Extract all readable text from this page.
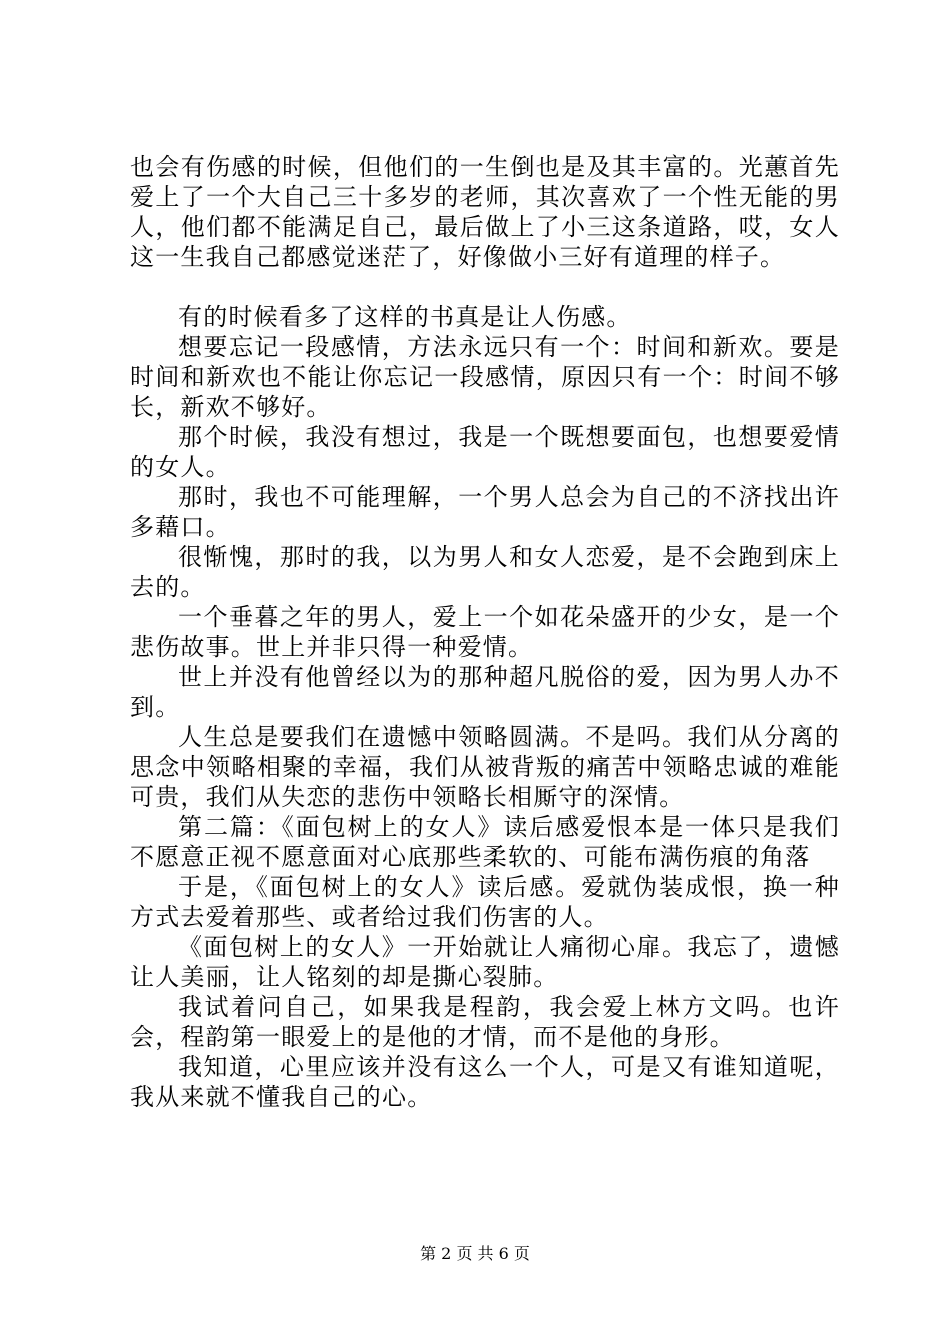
也会有伤感的时候，但他们的一生倒也是及其丰富的。光蕙首先爱上了一个大自己三十多岁的老师，其次喜欢了一个性无能的男人，他们都不能满足自己，最后做上了小三这条道路，哎，女人这一生我自己都感觉迷茫了，好像做小三好有道理的样子。

有的时候看多了这样的书真是让人伤感。

想要忘记一段感情，方法永远只有一个：时间和新欢。要是时间和新欢也不能让你忘记一段感情，原因只有一个：时间不够长，新欢不够好。

那个时候，我没有想过，我是一个既想要面包，也想要爱情的女人。

那时，我也不可能理解，一个男人总会为自己的不济找出许多藉口。

很惭愧，那时的我，以为男人和女人恋爱，是不会跑到床上去的。

一个垂暮之年的男人，爱上一个如花朵盛开的少女，是一个悲伤故事。世上并非只得一种爱情。

世上并没有他曾经以为的那种超凡脱俗的爱，因为男人办不到。

人生总是要我们在遗憾中领略圆满。不是吗。我们从分离的思念中领略相聚的幸福，我们从被背叛的痛苦中领略忠诚的难能可贵，我们从失恋的悲伤中领略长相厮守的深情。

第二篇：《面包树上的女人》读后感爱恨本是一体只是我们不愿意正视不愿意面对心底那些柔软的、可能布满伤痕的角落

于是，《面包树上的女人》读后感。爱就伪装成恨，换一种方式去爱着那些、或者给过我们伤害的人。

《面包树上的女人》一开始就让人痛彻心扉。我忘了，遗憾让人美丽，让人铭刻的却是撕心裂肺。

我试着问自己，如果我是程韵，我会爱上林方文吗。也许会，程韵第一眼爱上的是他的才情，而不是他的身形。

我知道，心里应该并没有这么一个人，可是又有谁知道呢，我从来就不懂我自己的心。

第 2 页 共 6 页
